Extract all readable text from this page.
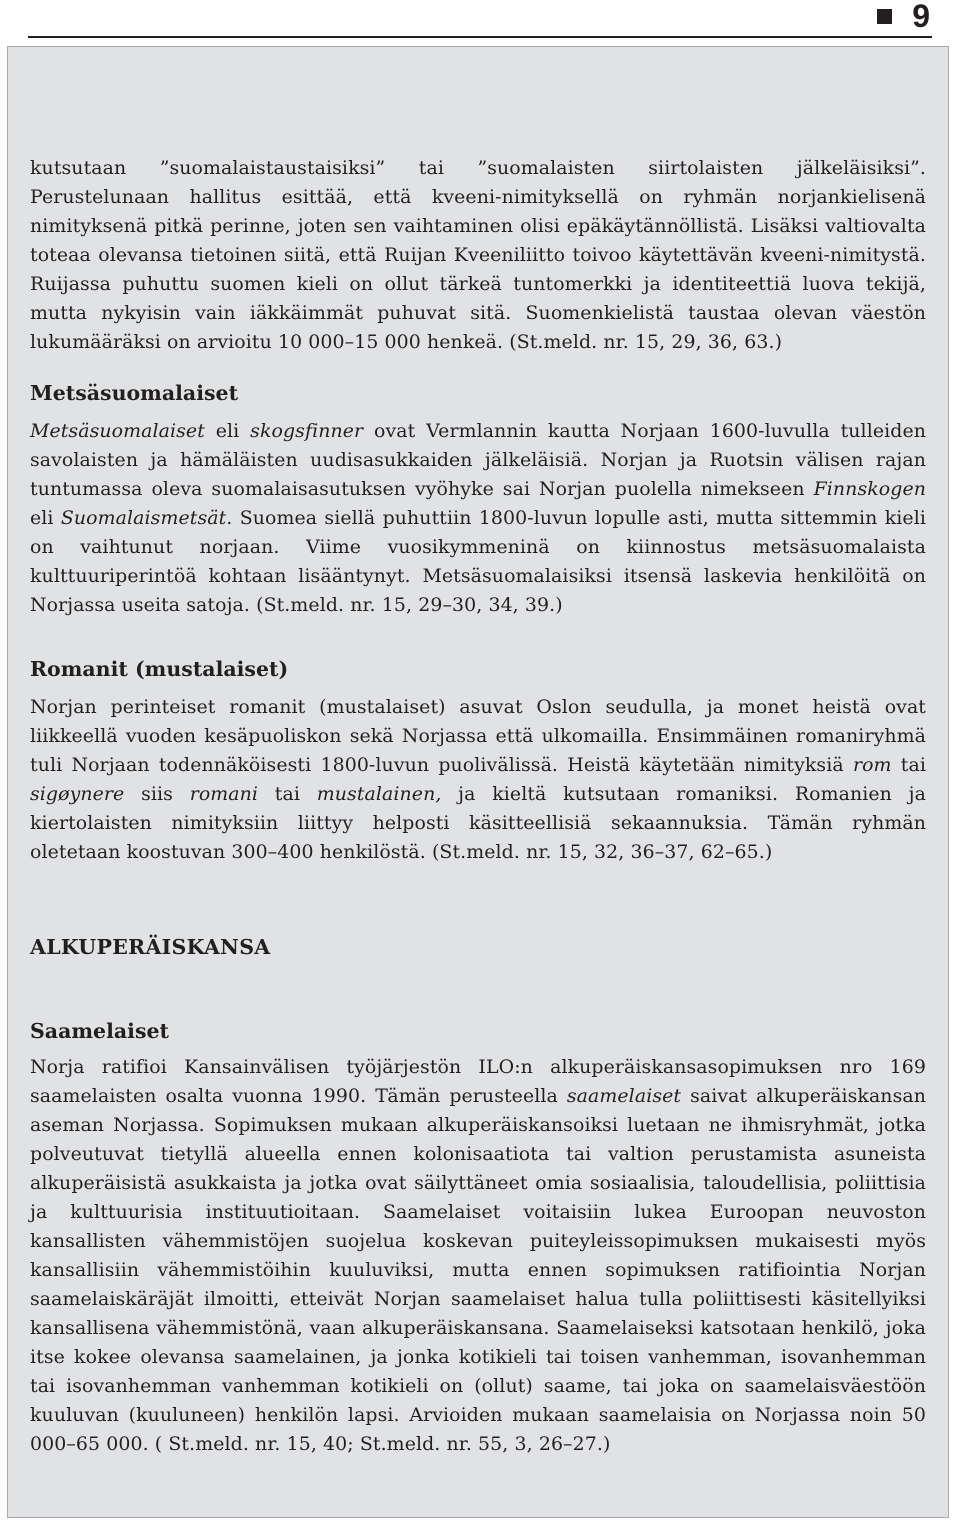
9

kutsutaan ”suomalaistaustaisiksi” tai ”suomalaisten siirtolaisten jälkeläisiksi”. Perustelunaan hallitus esittää, että kveeni-nimityksellä on ryhmän norjankielisenä nimityksenä pitkä perinne, joten sen vaihtaminen olisi epäkäytännöllistä. Lisäksi valtiovalta toteaa olevansa tietoinen siitä, että Ruijan Kveeniliitto toivoo käytettävän kveeni-nimitystä. Ruijassa puhuttu suomen kieli on ollut tärkeä tuntomerkki ja identiteettiä luova tekijä, mutta nykyisin vain iäkkäimmät puhuvat sitä. Suomenkielistä taustaa olevan väestön lukumääräksi on arvioitu 10 000–15 000 henkeä. (St.meld. nr. 15, 29, 36, 63.)

Metsäsuomalaiset

Metsäsuomalaiset eli skogsfinner ovat Vermlannin kautta Norjaan 1600-luvulla tulleiden savolaisten ja hämäläisten uudisasukkaiden jälkeläisiä. Norjan ja Ruotsin välisen rajan tuntumassa oleva suomalaisasutuksen vyöhyke sai Norjan puolella nimekseen Finnskogen eli Suomalaismetsät. Suomea siellä puhuttiin 1800-luvun lopulle asti, mutta sittemmin kieli on vaihtunut norjaan. Viime vuosikymmeninä on kiinnostus metsäsuomalaista kulttuuriperintöä kohtaan lisääntynyt. Metsäsuomalaisiksi itsensä laskevia henkilöitä on Norjassa useita satoja. (St.meld. nr. 15, 29–30, 34, 39.)

Romanit (mustalaiset)

Norjan perinteiset romanit (mustalaiset) asuvat Oslon seudulla, ja monet heistä ovat liikkeellä vuoden kesäpuoliskon sekä Norjassa että ulkomailla. Ensimmäinen romaniryhmä tuli Norjaan todennäköisesti 1800-luvun puolivälissä. Heistä käytetään nimityksiä rom tai sigøynere siis romani tai mustalainen, ja kieltä kutsutaan romaniksi. Romanien ja kiertolaisten nimityksiin liittyy helposti käsitteellisiä sekaannuksia. Tämän ryhmän oletetaan koostuvan 300–400 henkilöstä. (St.meld. nr. 15, 32, 36–37, 62–65.)

ALKUPERÄISKANSA
Saamelaiset

Norja ratifioi Kansainvälisen työjärjestön ILO:n alkuperäiskansasopimuksen nro 169 saamelaisten osalta vuonna 1990. Tämän perusteella saamelaiset saivat alkuperäiskansan aseman Norjassa. Sopimuksen mukaan alkuperäiskansoiksi luetaan ne ihmisryhmät, jotka polveutuvat tietyllä alueella ennen kolonisaatiota tai valtion perustamista asuneista alkuperäisistä asukkaista ja jotka ovat säilyttäneet omia sosiaalisia, taloudellisia, poliittisia ja kulttuurisia instituutioitaan. Saamelaiset voitaisiin lukea Euroopan neuvoston kansallisten vähemmistöjen suojelua koskevan puiteyleissopimuksen mukaisesti myös kansallisiin vähemmistöihin kuuluviksi, mutta ennen sopimuksen ratifiointia Norjan saamelaiskäräjät ilmoitti, etteivät Norjan saamelaiset halua tulla poliittisesti käsitellyiksi kansallisena vähemmistönä, vaan alkuperäiskansana. Saamelaiseksi katsotaan henkilö, joka itse kokee olevansa saamelainen, ja jonka kotikieli tai toisen vanhemman, isovanhemman tai isovanhemman vanhemman kotikieli on (ollut) saame, tai joka on saamelaisväestöön kuuluvan (kuuluneen) henkilön lapsi. Arvioiden mukaan saamelaisia on Norjassa noin 50 000–65 000. ( St.meld. nr. 15, 40; St.meld. nr. 55, 3, 26–27.)
